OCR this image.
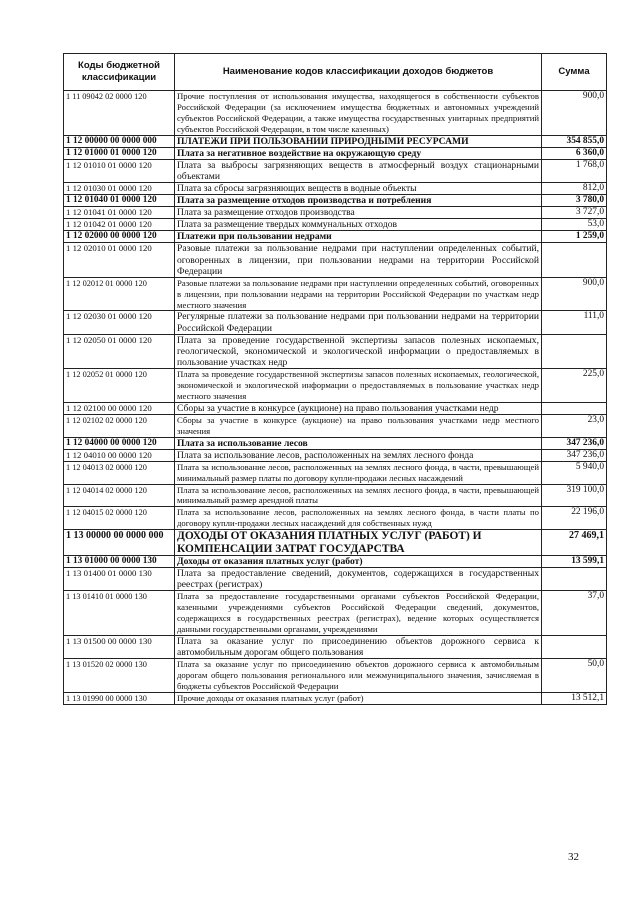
Коды бюджетной классификации	Наименование кодов классификации доходов бюджетов	Сумма
1 11 09042 02 0000 120	Прочие поступления от использования имущества, находящегося в собственности субъектов Российской Федерации (за исключением имущества бюджетных и автономных учреждений субъектов Российской Федерации, а также имущества государственных унитарных предприятий субъектов Российской Федерации, в том числе казенных)	900,0
1 12 00000 00 0000 000	ПЛАТЕЖИ ПРИ ПОЛЬЗОВАНИИ ПРИРОДНЫМИ РЕСУРСАМИ	354 855,0
1 12 01000 01 0000 120	Плата за негативное воздействие на окружающую среду	6 360,0
1 12 01010 01 0000 120	Плата за выбросы загрязняющих веществ в атмосферный воздух стационарными объектами	1 768,0
1 12 01030 01 0000 120	Плата за сбросы загрязняющих веществ в водные объекты	812,0
1 12 01040 01 0000 120	Плата за размещение отходов производства и потребления	3 780,0
1 12 01041 01 0000 120	Плата за размещение отходов производства	3 727,0
1 12 01042 01 0000 120	Плата за размещение твердых коммунальных отходов	53,0
1 12 02000 00 0000 120	Платежи при пользовании недрами	1 259,0
1 12 02010 01 0000 120	Разовые платежи за пользование недрами при наступлении определенных событий, оговоренных в лицензии, при пользовании недрами на территории Российской Федерации	
1 12 02012 01 0000 120	Разовые платежи за пользование недрами при наступлении определенных событий, оговоренных в лицензии, при пользовании недрами на территории Российской Федерации по участкам недр местного значения	900,0
1 12 02030 01 0000 120	Регулярные платежи за пользование недрами при пользовании недрами на территории Российской Федерации	111,0
1 12 02050 01 0000 120	Плата за проведение государственной экспертизы запасов полезных ископаемых, геологической, экономической и экологической информации о предоставляемых в пользование участках недр	
1 12 02052 01 0000 120	Плата за проведение государственной экспертизы запасов полезных ископаемых, геологической, экономической и экологической информации о предоставляемых в пользование участках недр местного значения	225,0
1 12 02100 00 0000 120	Сборы за участие в конкурсе (аукционе) на право пользования участками недр	
1 12 02102 02 0000 120	Сборы за участие в конкурсе (аукционе) на право пользования участками недр местного значения	23,0
1 12 04000 00 0000 120	Плата за использование лесов	347 236,0
1 12 04010 00 0000 120	Плата за использование лесов, расположенных на землях лесного фонда	347 236,0
1 12 04013 02 0000 120	Плата за использование лесов, расположенных на землях лесного фонда, в части, превышающей минимальный размер платы по договору купли-продажи лесных насаждений	5 940,0
1 12 04014 02 0000 120	Плата за использование лесов, расположенных на землях лесного фонда, в части, превышающей минимальный размер арендной платы	319 100,0
1 12 04015 02 0000 120	Плата за использование лесов, расположенных на землях лесного фонда, в части платы по договору купли-продажи лесных насаждений для собственных нужд	22 196,0
1 13 00000 00 0000 000	ДОХОДЫ ОТ ОКАЗАНИЯ ПЛАТНЫХ УСЛУГ (РАБОТ) И КОМПЕНСАЦИИ ЗАТРАТ ГОСУДАРСТВА	27 469,1
1 13 01000 00 0000 130	Доходы от оказания платных услуг (работ)	13 599,1
1 13 01400 01 0000 130	Плата за предоставление сведений, документов, содержащихся в государственных реестрах (регистрах)	
1 13 01410 01 0000 130	Плата за предоставление государственными органами субъектов Российской Федерации, казенными учреждениями субъектов Российской Федерации сведений, документов, содержащихся в государственных реестрах (регистрах), ведение которых осуществляется данными государственными органами, учреждениями	37,0
1 13 01500 00 0000 130	Плата за оказание услуг по присоединению объектов дорожного сервиса к автомобильным дорогам общего пользования	
1 13 01520 02 0000 130	Плата за оказание услуг по присоединению объектов дорожного сервиса к автомобильным дорогам общего пользования регионального или межмуниципального значения, зачисляемая в бюджеты субъектов Российской Федерации	50,0
1 13 01990 00 0000 130	Прочие доходы от оказания платных услуг (работ)	13 512,1
32
